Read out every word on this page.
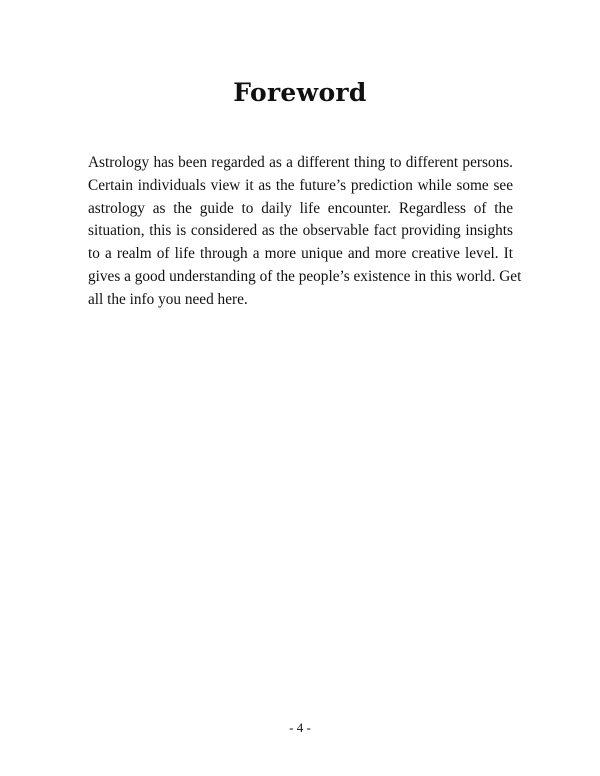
Foreword
Astrology has been regarded as a different thing to different persons.
Certain individuals view it as the future’s prediction while some see
astrology as the guide to daily life encounter. Regardless of the
situation, this is considered as the observable fact providing insights
to a realm of life through a more unique and more creative level. It
gives a good understanding of the people’s existence in this world. Get
all the info you need here.
- 4 -
